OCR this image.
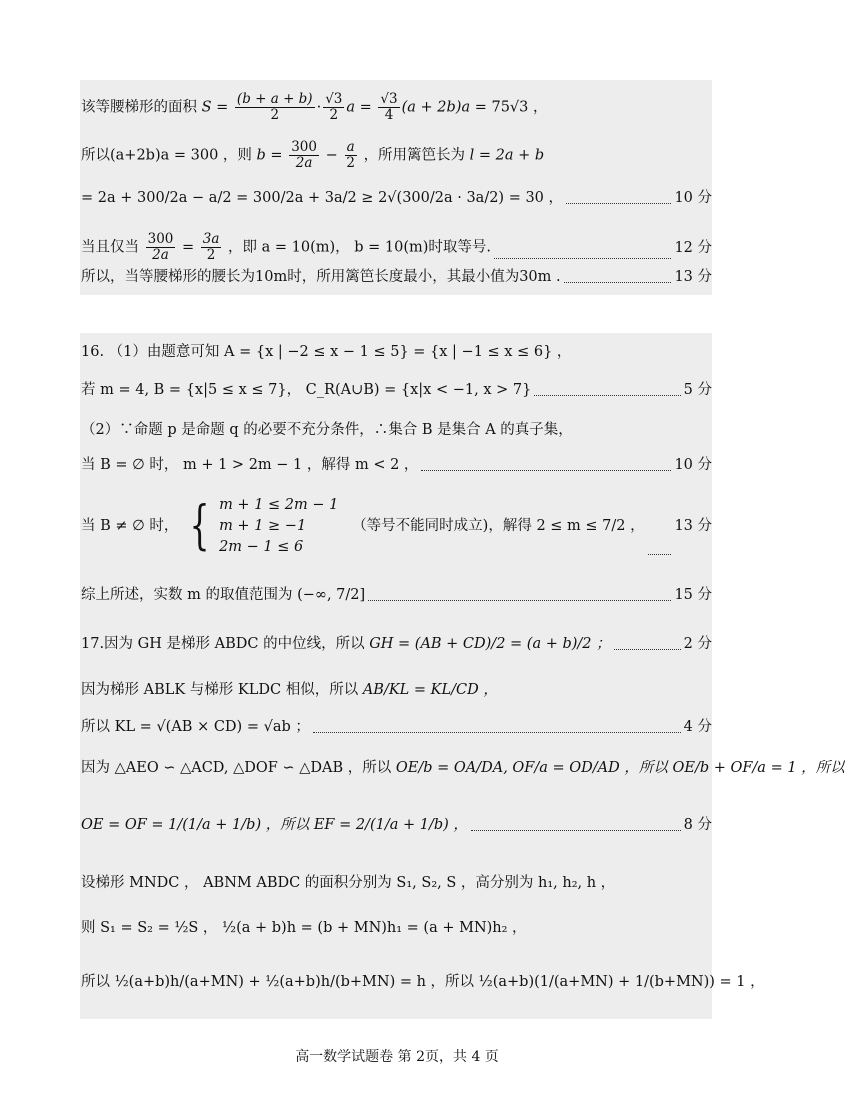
该等腰梯形的面积 $S = \frac{(b + a + b)}{2} \cdot \frac{√3}{2}$ $a = \frac{√3}{4} (a + 2b)a = 75√3$ ，
所以(a+2b)a = 300 ，则 $b = \frac{300}{2a} - \frac{a}{2}$ ，所用篱笆长为 l = 2a + b
= 2a + 300/2a − a/2 = 300/2a + 3a/2 ≥ 2√(300/2a · 3a/2) = 30 ，	10 分
当且仅当 $\frac{300}{2a} = \frac{3a}{2}$ ，即 a = 10(m)， b = 10(m)时取等号.	12 分
所以，当等腰梯形的腰长为10m时，所用篱笆长度最小，其最小值为30m .	13 分
16. （1）由题意可知 A = {x | −2 ≤ x − 1 ≤ 5} = {x | −1 ≤ x ≤ 6} ，
若 m = 4, B = {x|5 ≤ x ≤ 7}， C_R(A∪B) = {x|x < −1, x > 7}	5 分
（2）∵命题 p 是命题 q 的必要不充分条件，∴集合 B 是集合 A 的真子集，
当 B = ∅ 时， m + 1 > 2m − 1 ，解得 m < 2 ，	10 分
当 B ≠ ∅ 时， { m + 1 ≤ 2m − 1
m + 1 ≥ −1
2m − 1 ≤ 6
（等号不能同时成立)，解得 2 ≤ m ≤ 7/2 ， 13 分
综上所述，实数 m 的取值范围为 (−∞, 7/2]	15 分
17.因为 GH 是梯形 ABDC 的中位线，所以 GH = (AB + CD)/2 = (a + b)/2 ；	2 分
因为梯形 ABLK 与梯形 KLDC 相似，所以 AB/KL = KL/CD ，
所以 KL = √(AB × CD) = √ab ；	4 分
因为 △AEO ∽ △ACD, △DOF ∽ △DAB ，所以 OE/b = OA/DA, OF/a = OD/AD ，所以 OE/b + OF/a = 1 ，所以
OE = OF = 1/(1/a + 1/b) ，所以 EF = 2/(1/a + 1/b) ，	8 分
设梯形 MNDC ， ABNM ABDC 的面积分别为 S₁, S₂, S ，高分别为 h₁, h₂, h ，
则 S₁ = S₂ = ½S ， ½(a + b)h = (b + MN)h₁ = (a + MN)h₂ ，
所以 ½(a+b)h/(a+MN) + ½(a+b)h/(b+MN) = h ，所以 ½(a+b)(1/(a+MN) + 1/(b+MN)) = 1 ，
高一数学试题卷 第 2页，共 4 页
